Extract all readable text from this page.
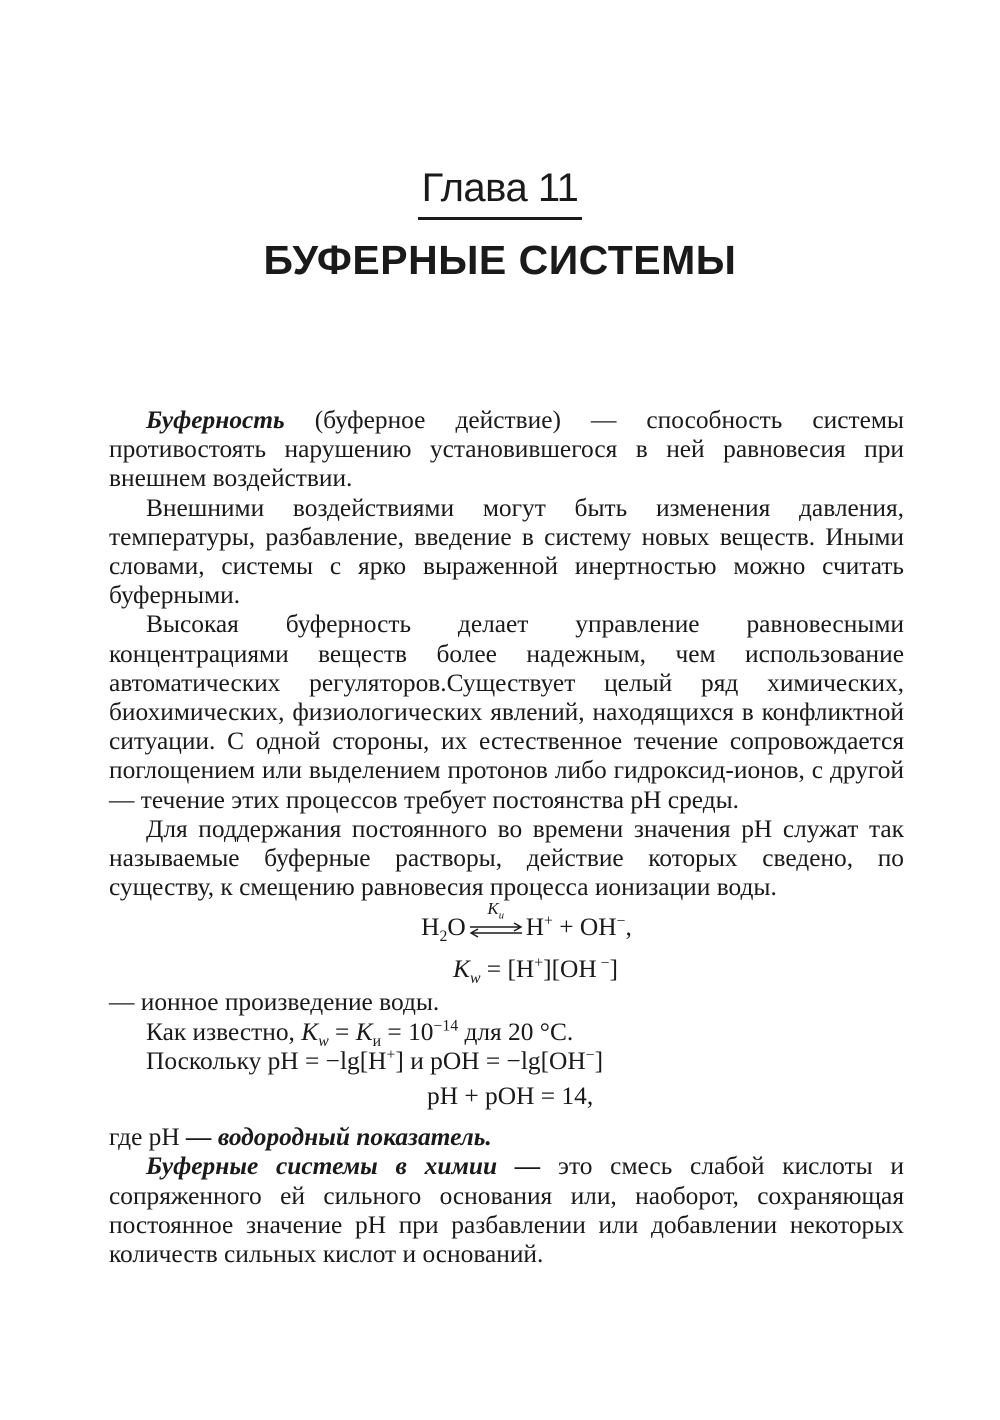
Глава 11
БУФЕРНЫЕ СИСТЕМЫ

Буферность (буферное действие) — способность системы противостоять нарушению установившегося в ней равновесия при внешнем воздействии.

Внешними воздействиями могут быть изменения давления, температуры, разбавление, введение в систему новых веществ. Иными словами, системы с ярко выраженной инертностью можно считать буферными.

Высокая буферность делает управление равновесными концентрациями веществ более надежным, чем использование автоматических регуляторов.Существует целый ряд химических, биохимических, физиологических явлений, находящихся в конфликтной ситуации. С одной стороны, их естественное течение сопровождается поглощением или выделением протонов либо гидроксид-ионов, с другой — течение этих процессов требует постоянства pH среды.

Для поддержания постоянного во времени значения pH служат так называемые буферные растворы, действие которых сведено, по существу, к смещению равновесия процесса ионизации воды.

$H_2O$
$K_и$ H+ + OH−,
$K_w = [H^+][OH$ −]

— ионное произведение воды.

Как известно, $K_w = K_и = 10^{-14}$ для 20 °C.

Поскольку pH = −lg[H+] и pOH = −lg[OH−]

pH + pOH = 14,

где pH — водородный показатель.

Буферные системы в химии — это смесь слабой кислоты и сопряженного ей сильного основания или, наоборот, сохраняющая постоянное значение pH при разбавлении или добавлении некоторых количеств сильных кислот и оснований.
